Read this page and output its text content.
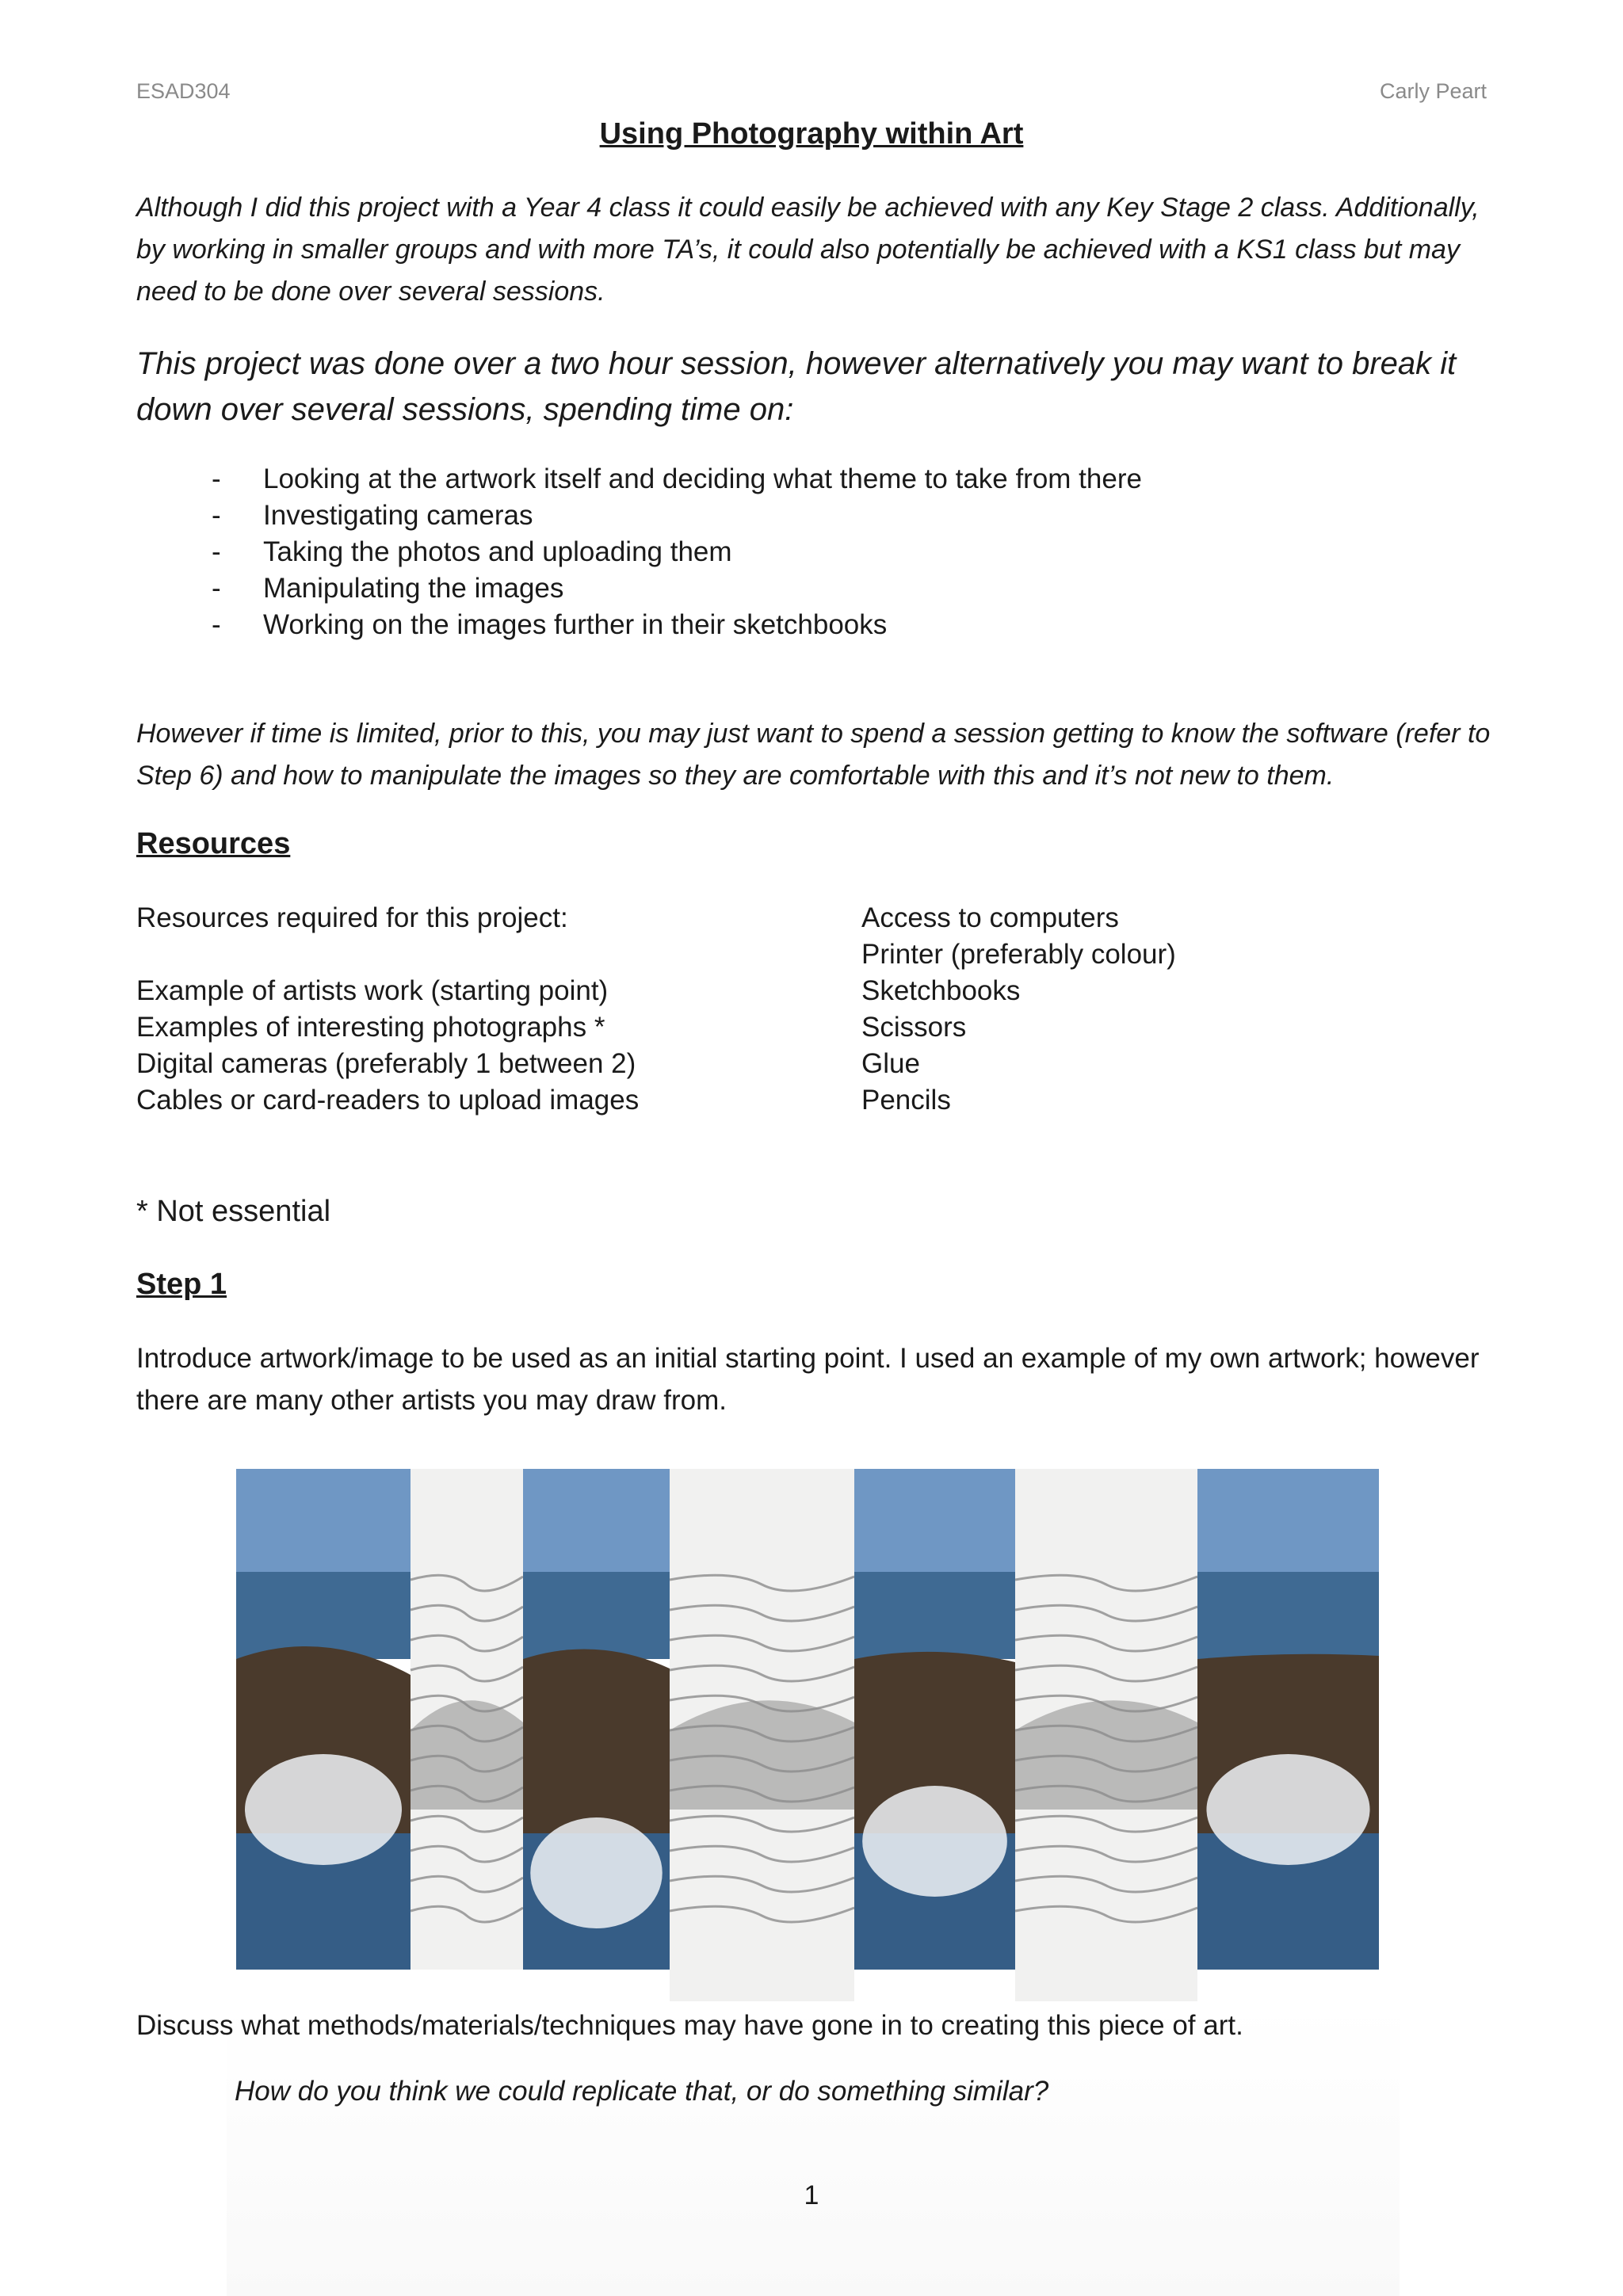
ESAD304	Carly Peart
Using Photography within Art

Although I did this project with a Year 4 class it could easily be achieved with any Key Stage 2 class. Additionally, by working in smaller groups and with more TA’s, it could also potentially be achieved with a KS1 class but may need to be done over several sessions.

This project was done over a two hour session, however alternatively you may want to break it down over several sessions, spending time on:

-	Looking at the artwork itself and deciding what theme to take from there
-	Investigating cameras
-	Taking the photos and uploading them
-	Manipulating the images
-	Working on the images further in their sketchbooks

However if time is limited, prior to this, you may just want to spend a session getting to know the software (refer to Step 6) and how to manipulate the images so they are comfortable with this and it’s not new to them.

Resources
Resources required for this project:
Example of artists work (starting point)
Examples of interesting photographs *
Digital cameras (preferably 1 between 2)
Cables or card-readers to upload images
Access to computers
Printer (preferably colour)
Sketchbooks
Scissors
Glue
Pencils
* Not essential
Step 1

Introduce artwork/image to be used as an initial starting point. I used an example of my own artwork; however there are many other artists you may draw from.

Discuss what methods/materials/techniques may have gone in to creating this piece of art.

How do you think we could replicate that, or do something similar?
1
